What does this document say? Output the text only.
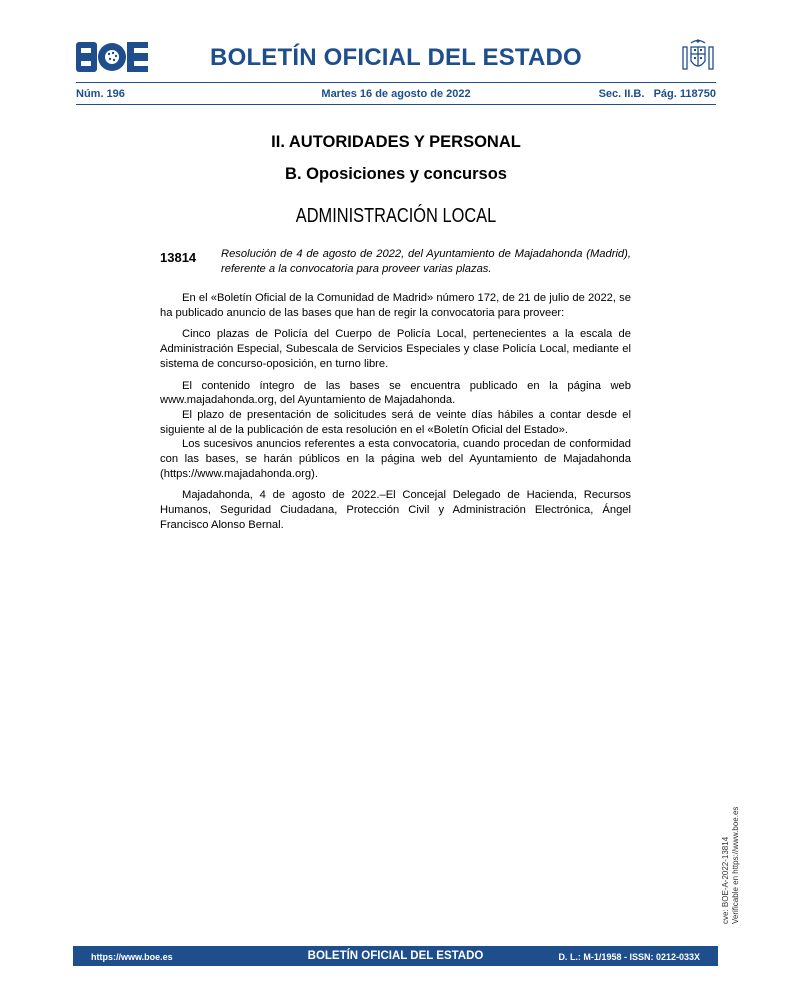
BOLETÍN OFICIAL DEL ESTADO
Núm. 196	Martes 16 de agosto de 2022	Sec. II.B.   Pág. 118750
II. AUTORIDADES Y PERSONAL
B. Oposiciones y concursos
ADMINISTRACIÓN LOCAL
13814 Resolución de 4 de agosto de 2022, del Ayuntamiento de Majadahonda (Madrid), referente a la convocatoria para proveer varias plazas.

En el «Boletín Oficial de la Comunidad de Madrid» número 172, de 21 de julio de 2022, se ha publicado anuncio de las bases que han de regir la convocatoria para proveer:

Cinco plazas de Policía del Cuerpo de Policía Local, pertenecientes a la escala de Administración Especial, Subescala de Servicios Especiales y clase Policía Local, mediante el sistema de concurso-oposición, en turno libre.

El contenido íntegro de las bases se encuentra publicado en la página web www.majadahonda.org, del Ayuntamiento de Majadahonda.

El plazo de presentación de solicitudes será de veinte días hábiles a contar desde el siguiente al de la publicación de esta resolución en el «Boletín Oficial del Estado».

Los sucesivos anuncios referentes a esta convocatoria, cuando procedan de conformidad con las bases, se harán públicos en la página web del Ayuntamiento de Majadahonda (https://www.majadahonda.org).

Majadahonda, 4 de agosto de 2022.–El Concejal Delegado de Hacienda, Recursos Humanos, Seguridad Ciudadana, Protección Civil y Administración Electrónica, Ángel Francisco Alonso Bernal.

cve: BOE-A-2022-13814 Verificable en https://www.boe.es
https://www.boe.es	BOLETÍN OFICIAL DEL ESTADO	D. L.: M-1/1958 - ISSN: 0212-033X
